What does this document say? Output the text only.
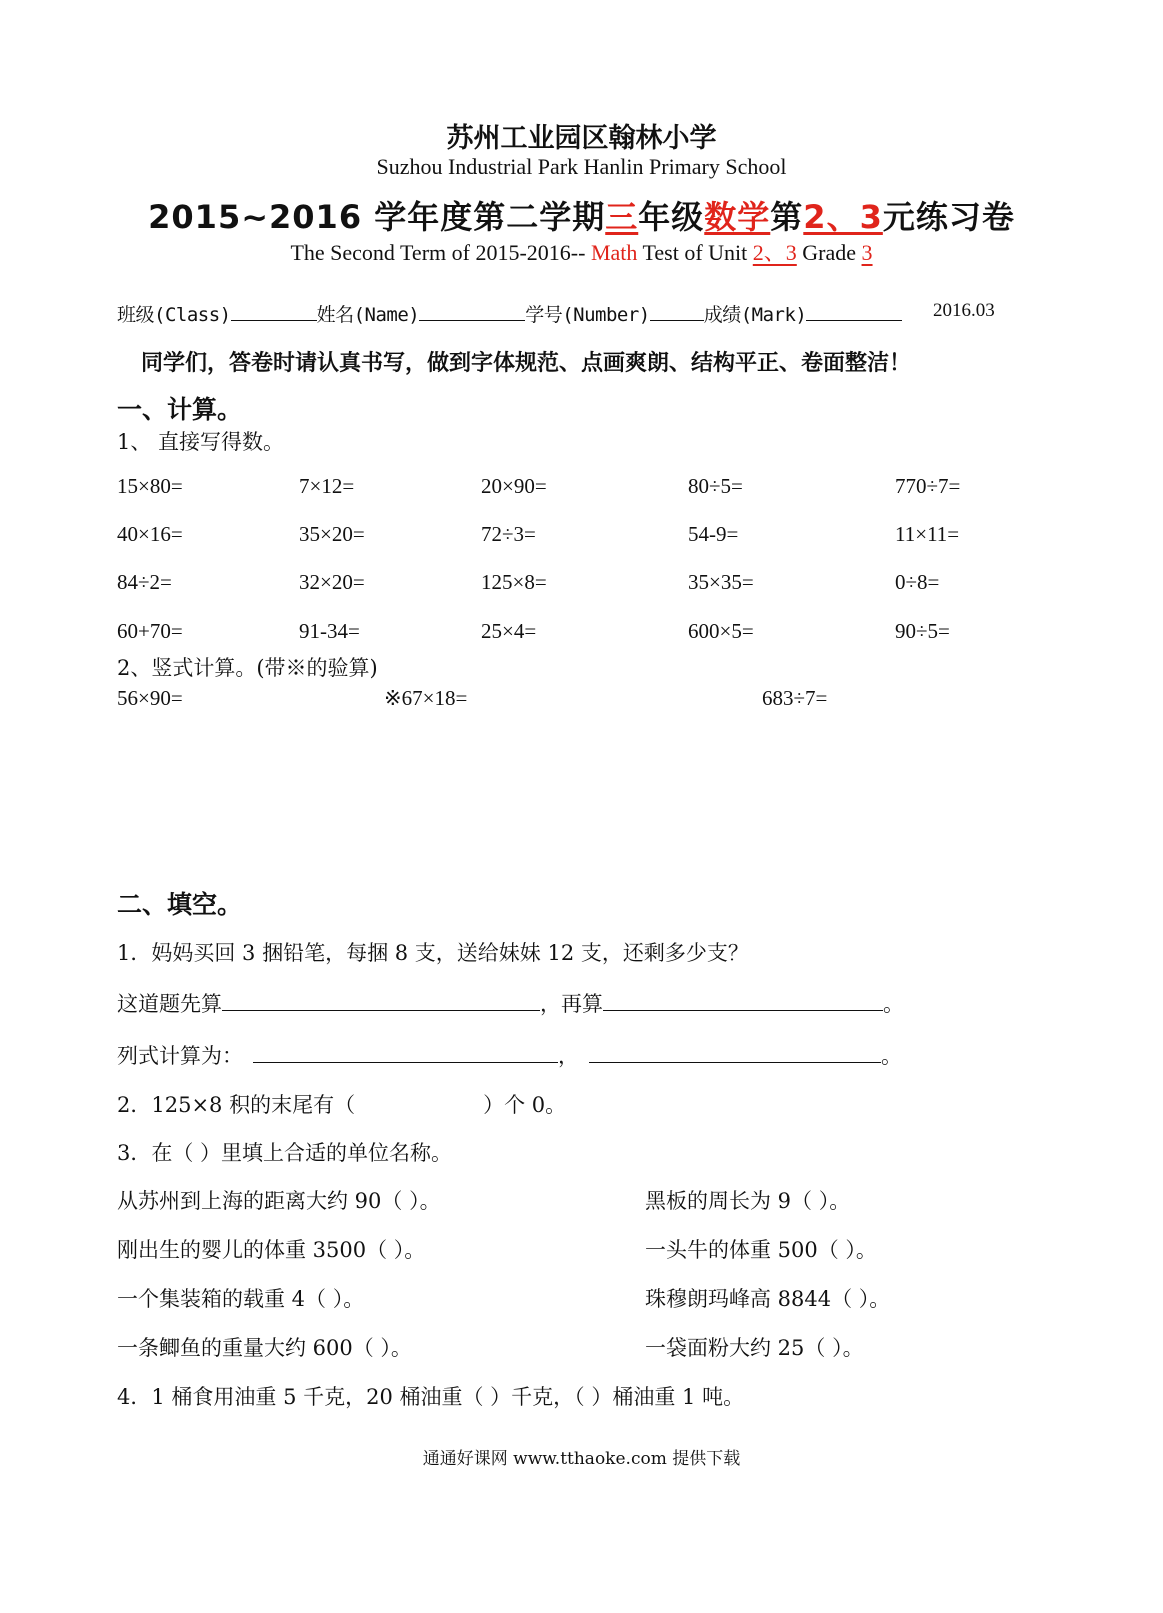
苏州工业园区翰林小学
Suzhou Industrial Park Hanlin Primary School
2015~2016 学年度第二学期三年级数学第2、3元练习卷
The Second Term of 2015-2016-- Math Test of Unit 2、3 Grade 3
班级(Class)	姓名(Name)	学号(Number)	成绩(Mark)	2016.03
同学们，答卷时请认真书写，做到字体规范、点画爽朗、结构平正、卷面整洁！
一、计算。
1、 直接写得数。
15×80=	7×12=	20×90=	80÷5=	770÷7=
40×16=	35×20=	72÷3=	54-9=	11×11=
84÷2=	32×20=	125×8=	35×35=	0÷8=
60+70=	91-34=	25×4=	600×5=	90÷5=
2、竖式计算。(带※的验算)
56×90=	※67×18=	683÷7=
二、填空。
1．妈妈买回 3 捆铅笔，每捆 8 支，送给妹妹 12 支，还剩多少支？
这道题先算	，再算	。
列式计算为：	，	。
2．125×8 积的末尾有（	）个 0。
3．在（ ）里填上合适的单位名称。
从苏州到上海的距离大约 90（ ）。	黑板的周长为 9（ ）。
刚出生的婴儿的体重 3500（ ）。	一头牛的体重 500（ ）。
一个集装箱的载重 4（ ）。	珠穆朗玛峰高 8844（ ）。
一条鲫鱼的重量大约 600（ ）。	一袋面粉大约 25（ ）。
4．1 桶食用油重 5 千克，20 桶油重（ ）千克，（ ）桶油重 1 吨。
通通好课网 www.tthaoke.com 提供下载
